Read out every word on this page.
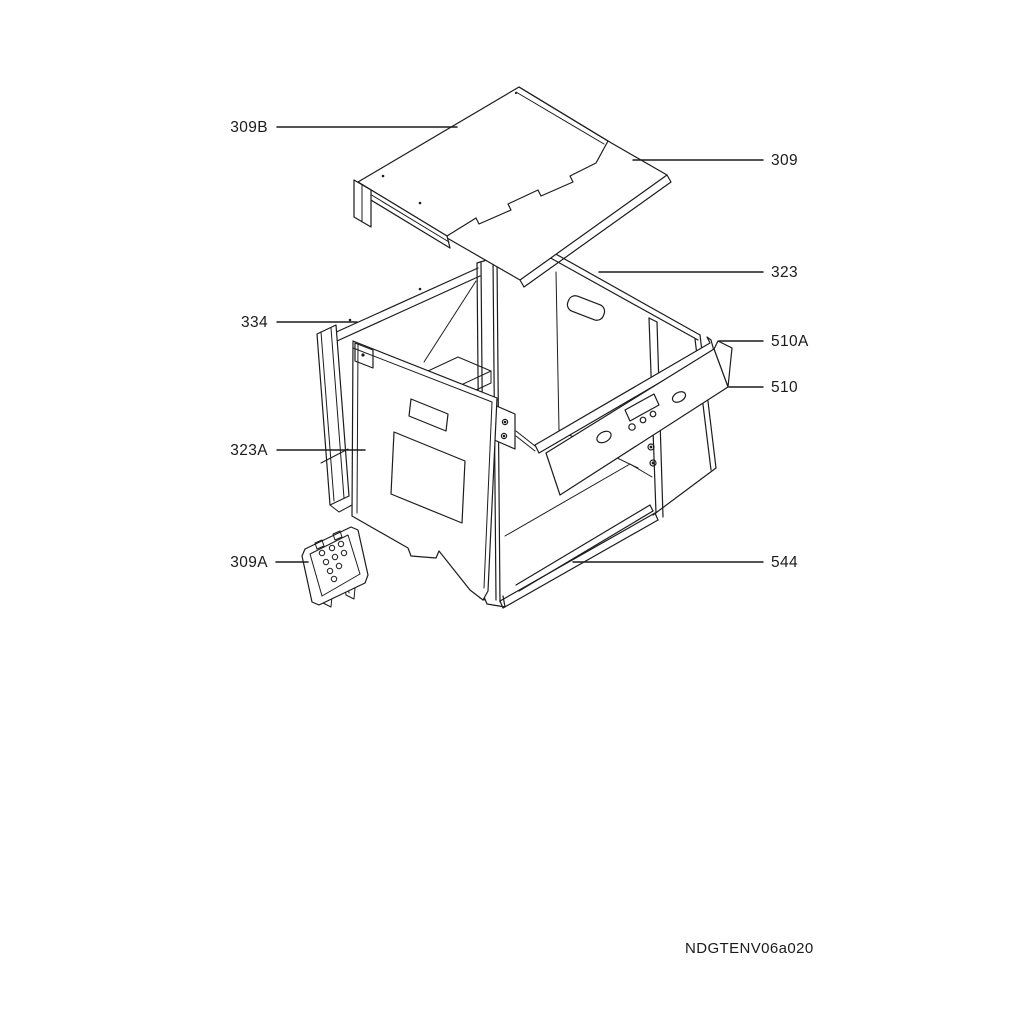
309B
309
323
334
510A
510
323A
309A	544
NDGTENV06a020
